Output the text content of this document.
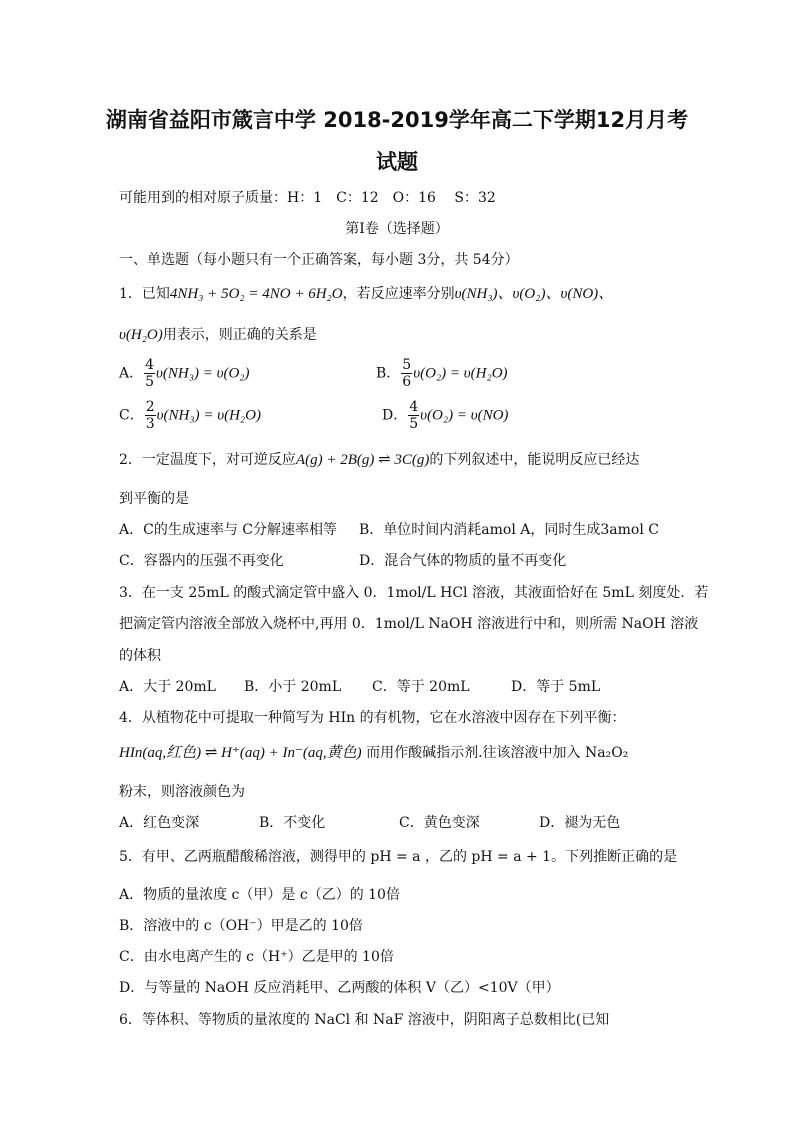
湖南省益阳市箴言中学 2018-2019学年高二下学期12月月考
试题
可能用到的相对原子质量：H：1　C：12　O：16　 S：32
第Ⅰ卷（选择题）
一、单选题（每小题只有一个正确答案，每小题 3分，共 54分）
1．已知4NH₃ + 5O₂ = 4NO + 6H₂O，若反应速率分别υ(NH₃)、υ(O₂)、υ(NO)、
υ(H₂O)用表示，则正确的关系是
A． $\frac{4}{5} \upsilon(NH_3) = \upsilon(O_2)$	B． $\frac{5}{6} \upsilon(O_2) = \upsilon(H_2O)$
C． $\frac{2}{3} \upsilon(NH_3) = \upsilon(H_2O)$	D． $\frac{4}{5} \upsilon(O_2) = \upsilon(NO)$
2．一定温度下，对可逆反应A(g) + 2B(g) ⇌ 3C(g)的下列叙述中，能说明反应已经达
到平衡的是
A．C的生成速率与 C分解速率相等 B．单位时间内消耗amol A，同时生成3amol C
C．容器内的压强不再变化	D．混合气体的物质的量不再变化
3．在一支 25mL 的酸式滴定管中盛入 0．1mol/L HCl 溶液，其液面恰好在 5mL 刻度处．若
把滴定管内溶液全部放入烧杯中,再用 0．1mol/L NaOH 溶液进行中和，则所需 NaOH 溶液
的体积
A．大于 20mL B．小于 20mL C．等于 20mL	D．等于 5mL
4．从植物花中可提取一种简写为 HIn 的有机物，它在水溶液中因存在下列平衡：
HIn(aq,红色) ⇌ H⁺(aq) + In⁻(aq,黄色) 而用作酸碱指示剂.往该溶液中加入 Na₂O₂
粉末，则溶液颜色为
A．红色变深	B．不变化	C．黄色变深	D．褪为无色
5．有甲、乙两瓶醋酸稀溶液，测得甲的 pH = a ，乙的 pH = a + 1。下列推断正确的是
A．物质的量浓度 c（甲）是 c（乙）的 10倍
B．溶液中的 c（OH⁻）甲是乙的 10倍
C．由水电离产生的 c（H⁺）乙是甲的 10倍
D．与等量的 NaOH 反应消耗甲、乙两酸的体积 V（乙）<10V（甲）
6．等体积、等物质的量浓度的 NaCl 和 NaF 溶液中，阴阳离子总数相比(已知
